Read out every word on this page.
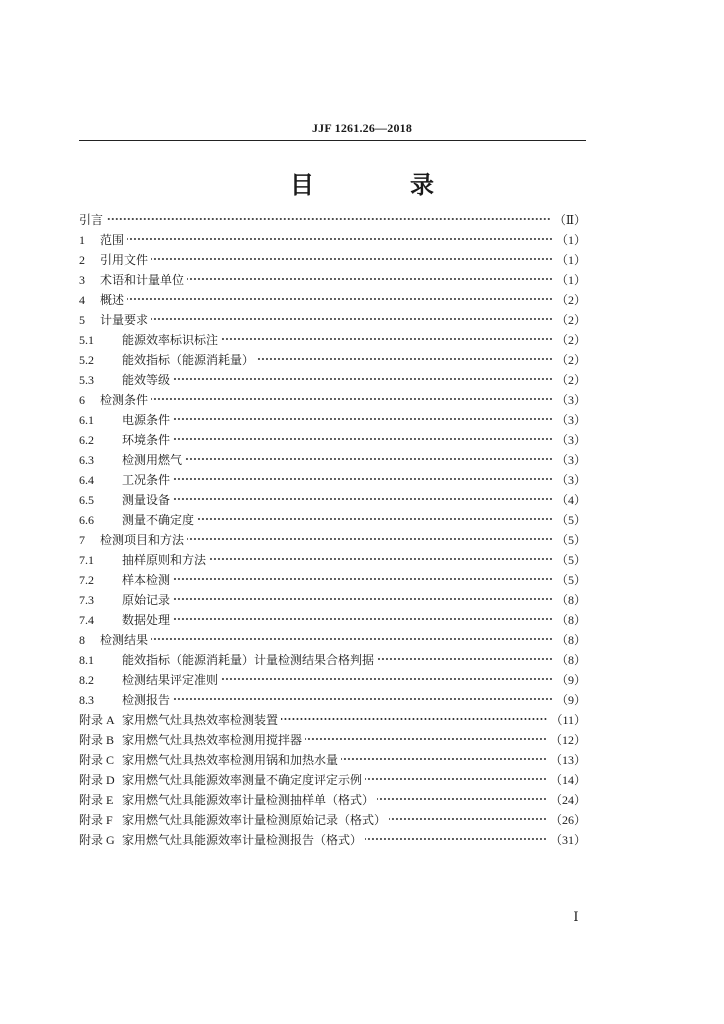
JJF 1261.26—2018
目　录
引言	（Ⅱ）
1	范围	（1）
2	引用文件	（1）
3	术语和计量单位	（1）
4	概述	（2）
5	计量要求	（2）
5.1	能源效率标识标注	（2）
5.2	能效指标（能源消耗量）	（2）
5.3	能效等级	（2）
6	检测条件	（3）
6.1	电源条件	（3）
6.2	环境条件	（3）
6.3	检测用燃气	（3）
6.4	工况条件	（3）
6.5	测量设备	（4）
6.6	测量不确定度	（5）
7	检测项目和方法	（5）
7.1	抽样原则和方法	（5）
7.2	样本检测	（5）
7.3	原始记录	（8）
7.4	数据处理	（8）
8	检测结果	（8）
8.1	能效指标（能源消耗量）计量检测结果合格判据	（8）
8.2	检测结果评定准则	（9）
8.3	检测报告	（9）
附录 A 家用燃气灶具热效率检测装置	（11）
附录 B 家用燃气灶具热效率检测用搅拌器	（12）
附录 C 家用燃气灶具热效率检测用锅和加热水量	（13）
附录 D 家用燃气灶具能源效率测量不确定度评定示例	（14）
附录 E 家用燃气灶具能源效率计量检测抽样单（格式）	（24）
附录 F 家用燃气灶具能源效率计量检测原始记录（格式）	（26）
附录 G 家用燃气灶具能源效率计量检测报告（格式）	（31）
Ⅰ
